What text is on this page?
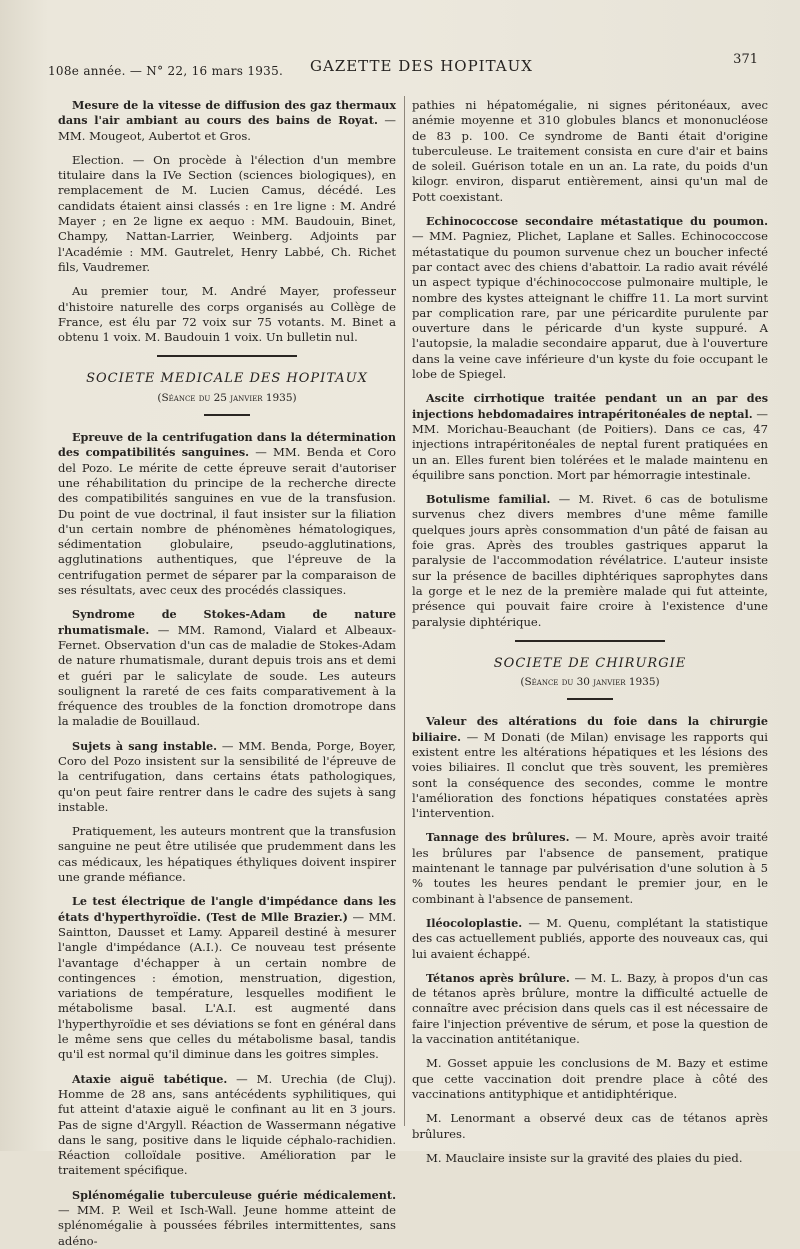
108e année. — N° 22, 16 mars 1935. GAZETTE DES HOPITAUX	371

Mesure de la vitesse de diffusion des gaz thermaux dans l'air ambiant au cours des bains de Royat. — MM. Mougeot, Aubertot et Gros.

Election. — On procède à l'élection d'un membre titulaire dans la IVe Section (sciences biologiques), en remplacement de M. Lucien Camus, décédé. Les candidats étaient ainsi classés : en 1re ligne : M. André Mayer ; en 2e ligne ex aequo : MM. Baudouin, Binet, Champy, Nattan-Larrier, Weinberg. Adjoints par l'Académie : MM. Gautrelet, Henry Labbé, Ch. Richet fils, Vaudremer.

Au premier tour, M. André Mayer, professeur d'histoire naturelle des corps organisés au Collège de France, est élu par 72 voix sur 75 votants. M. Binet a obtenu 1 voix. M. Baudouin 1 voix. Un bulletin nul.

SOCIETE MEDICALE DES HOPITAUX

(Séance du 25 janvier 1935)

Epreuve de la centrifugation dans la détermination des compatibilités sanguines. — MM. Benda et Coro del Pozo. Le mérite de cette épreuve serait d'autoriser une réhabilitation du principe de la recherche directe des compatibilités sanguines en vue de la transfusion. Du point de vue doctrinal, il faut insister sur la filiation d'un certain nombre de phénomènes hématologiques, sédimentation globulaire, pseudo-agglutinations, agglutinations authentiques, que l'épreuve de la centrifugation permet de séparer par la comparaison de ses résultats, avec ceux des procédés classiques.

Syndrome de Stokes-Adam de nature rhumatismale. — MM. Ramond, Vialard et Albeaux-Fernet. Observation d'un cas de maladie de Stokes-Adam de nature rhumatismale, durant depuis trois ans et demi et guéri par le salicylate de soude. Les auteurs soulignent la rareté de ces faits comparativement à la fréquence des troubles de la fonction dromotrope dans la maladie de Bouillaud.

Sujets à sang instable. — MM. Benda, Porge, Boyer, Coro del Pozo insistent sur la sensibilité de l'épreuve de la centrifugation, dans certains états pathologiques, qu'on peut faire rentrer dans le cadre des sujets à sang instable.

Pratiquement, les auteurs montrent que la transfusion sanguine ne peut être utilisée que prudemment dans les cas médicaux, les hépatiques éthyliques doivent inspirer une grande méfiance.

Le test électrique de l'angle d'impédance dans les états d'hyperthyroïdie. (Test de Mlle Brazier.) — MM. Saintton, Dausset et Lamy. Appareil destiné à mesurer l'angle d'impédance (A.I.). Ce nouveau test présente l'avantage d'échapper à un certain nombre de contingences : émotion, menstruation, digestion, variations de température, lesquelles modifient le métabolisme basal. L'A.I. est augmenté dans l'hyperthyroïdie et ses déviations se font en général dans le même sens que celles du métabolisme basal, tandis qu'il est normal qu'il diminue dans les goitres simples.

Ataxie aiguë tabétique. — M. Urechia (de Cluj). Homme de 28 ans, sans antécédents syphilitiques, qui fut atteint d'ataxie aiguë le confinant au lit en 3 jours. Pas de signe d'Argyll. Réaction de Wassermann négative dans le sang, positive dans le liquide céphalo-rachidien. Réaction colloïdale positive. Amélioration par le traitement spécifique.

Splénomégalie tuberculeuse guérie médicalement. — MM. P. Weil et Isch-Wall. Jeune homme atteint de splénomégalie à poussées fébriles intermittentes, sans adéno-

pathies ni hépatomégalie, ni signes péritonéaux, avec anémie moyenne et 310 globules blancs et mononucléose de 83 p. 100. Ce syndrome de Banti était d'origine tuberculeuse. Le traitement consista en cure d'air et bains de soleil. Guérison totale en un an. La rate, du poids d'un kilogr. environ, disparut entièrement, ainsi qu'un mal de Pott coexistant.

Echinococcose secondaire métastatique du poumon. — MM. Pagniez, Plichet, Laplane et Salles. Echinococcose métastatique du poumon survenue chez un boucher infecté par contact avec des chiens d'abattoir. La radio avait révélé un aspect typique d'échinococcose pulmonaire multiple, le nombre des kystes atteignant le chiffre 11. La mort survint par complication rare, par une péricardite purulente par ouverture dans le péricarde d'un kyste suppuré. A l'autopsie, la maladie secondaire apparut, due à l'ouverture dans la veine cave inférieure d'un kyste du foie occupant le lobe de Spiegel.

Ascite cirrhotique traitée pendant un an par des injections hebdomadaires intrapéritonéales de neptal. — MM. Morichau-Beauchant (de Poitiers). Dans ce cas, 47 injections intrapéritonéales de neptal furent pratiquées en un an. Elles furent bien tolérées et le malade maintenu en équilibre sans ponction. Mort par hémorragie intestinale.

Botulisme familial. — M. Rivet. 6 cas de botulisme survenus chez divers membres d'une même famille quelques jours après consommation d'un pâté de faisan au foie gras. Après des troubles gastriques apparut la paralysie de l'accommodation révélatrice. L'auteur insiste sur la présence de bacilles diphtériques saprophytes dans la gorge et le nez de la première malade qui fut atteinte, présence qui pouvait faire croire à l'existence d'une paralysie diphtérique.

SOCIETE DE CHIRURGIE

(Séance du 30 janvier 1935)

Valeur des altérations du foie dans la chirurgie biliaire. — M Donati (de Milan) envisage les rapports qui existent entre les altérations hépatiques et les lésions des voies biliaires. Il conclut que très souvent, les premières sont la conséquence des secondes, comme le montre l'amélioration des fonctions hépatiques constatées après l'intervention.

Tannage des brûlures. — M. Moure, après avoir traité les brûlures par l'absence de pansement, pratique maintenant le tannage par pulvérisation d'une solution à 5 % toutes les heures pendant le premier jour, en le combinant à l'absence de pansement.

Iléocoloplastie. — M. Quenu, complétant la statistique des cas actuellement publiés, apporte des nouveaux cas, qui lui avaient échappé.

Tétanos après brûlure. — M. L. Bazy, à propos d'un cas de tétanos après brûlure, montre la difficulté actuelle de connaître avec précision dans quels cas il est nécessaire de faire l'injection préventive de sérum, et pose la question de la vaccination antitétanique.

M. Gosset appuie les conclusions de M. Bazy et estime que cette vaccination doit prendre place à côté des vaccinations antityphique et antidiphtérique.

M. Lenormant a observé deux cas de tétanos après brûlures.

M. Mauclaire insiste sur la gravité des plaies du pied.
